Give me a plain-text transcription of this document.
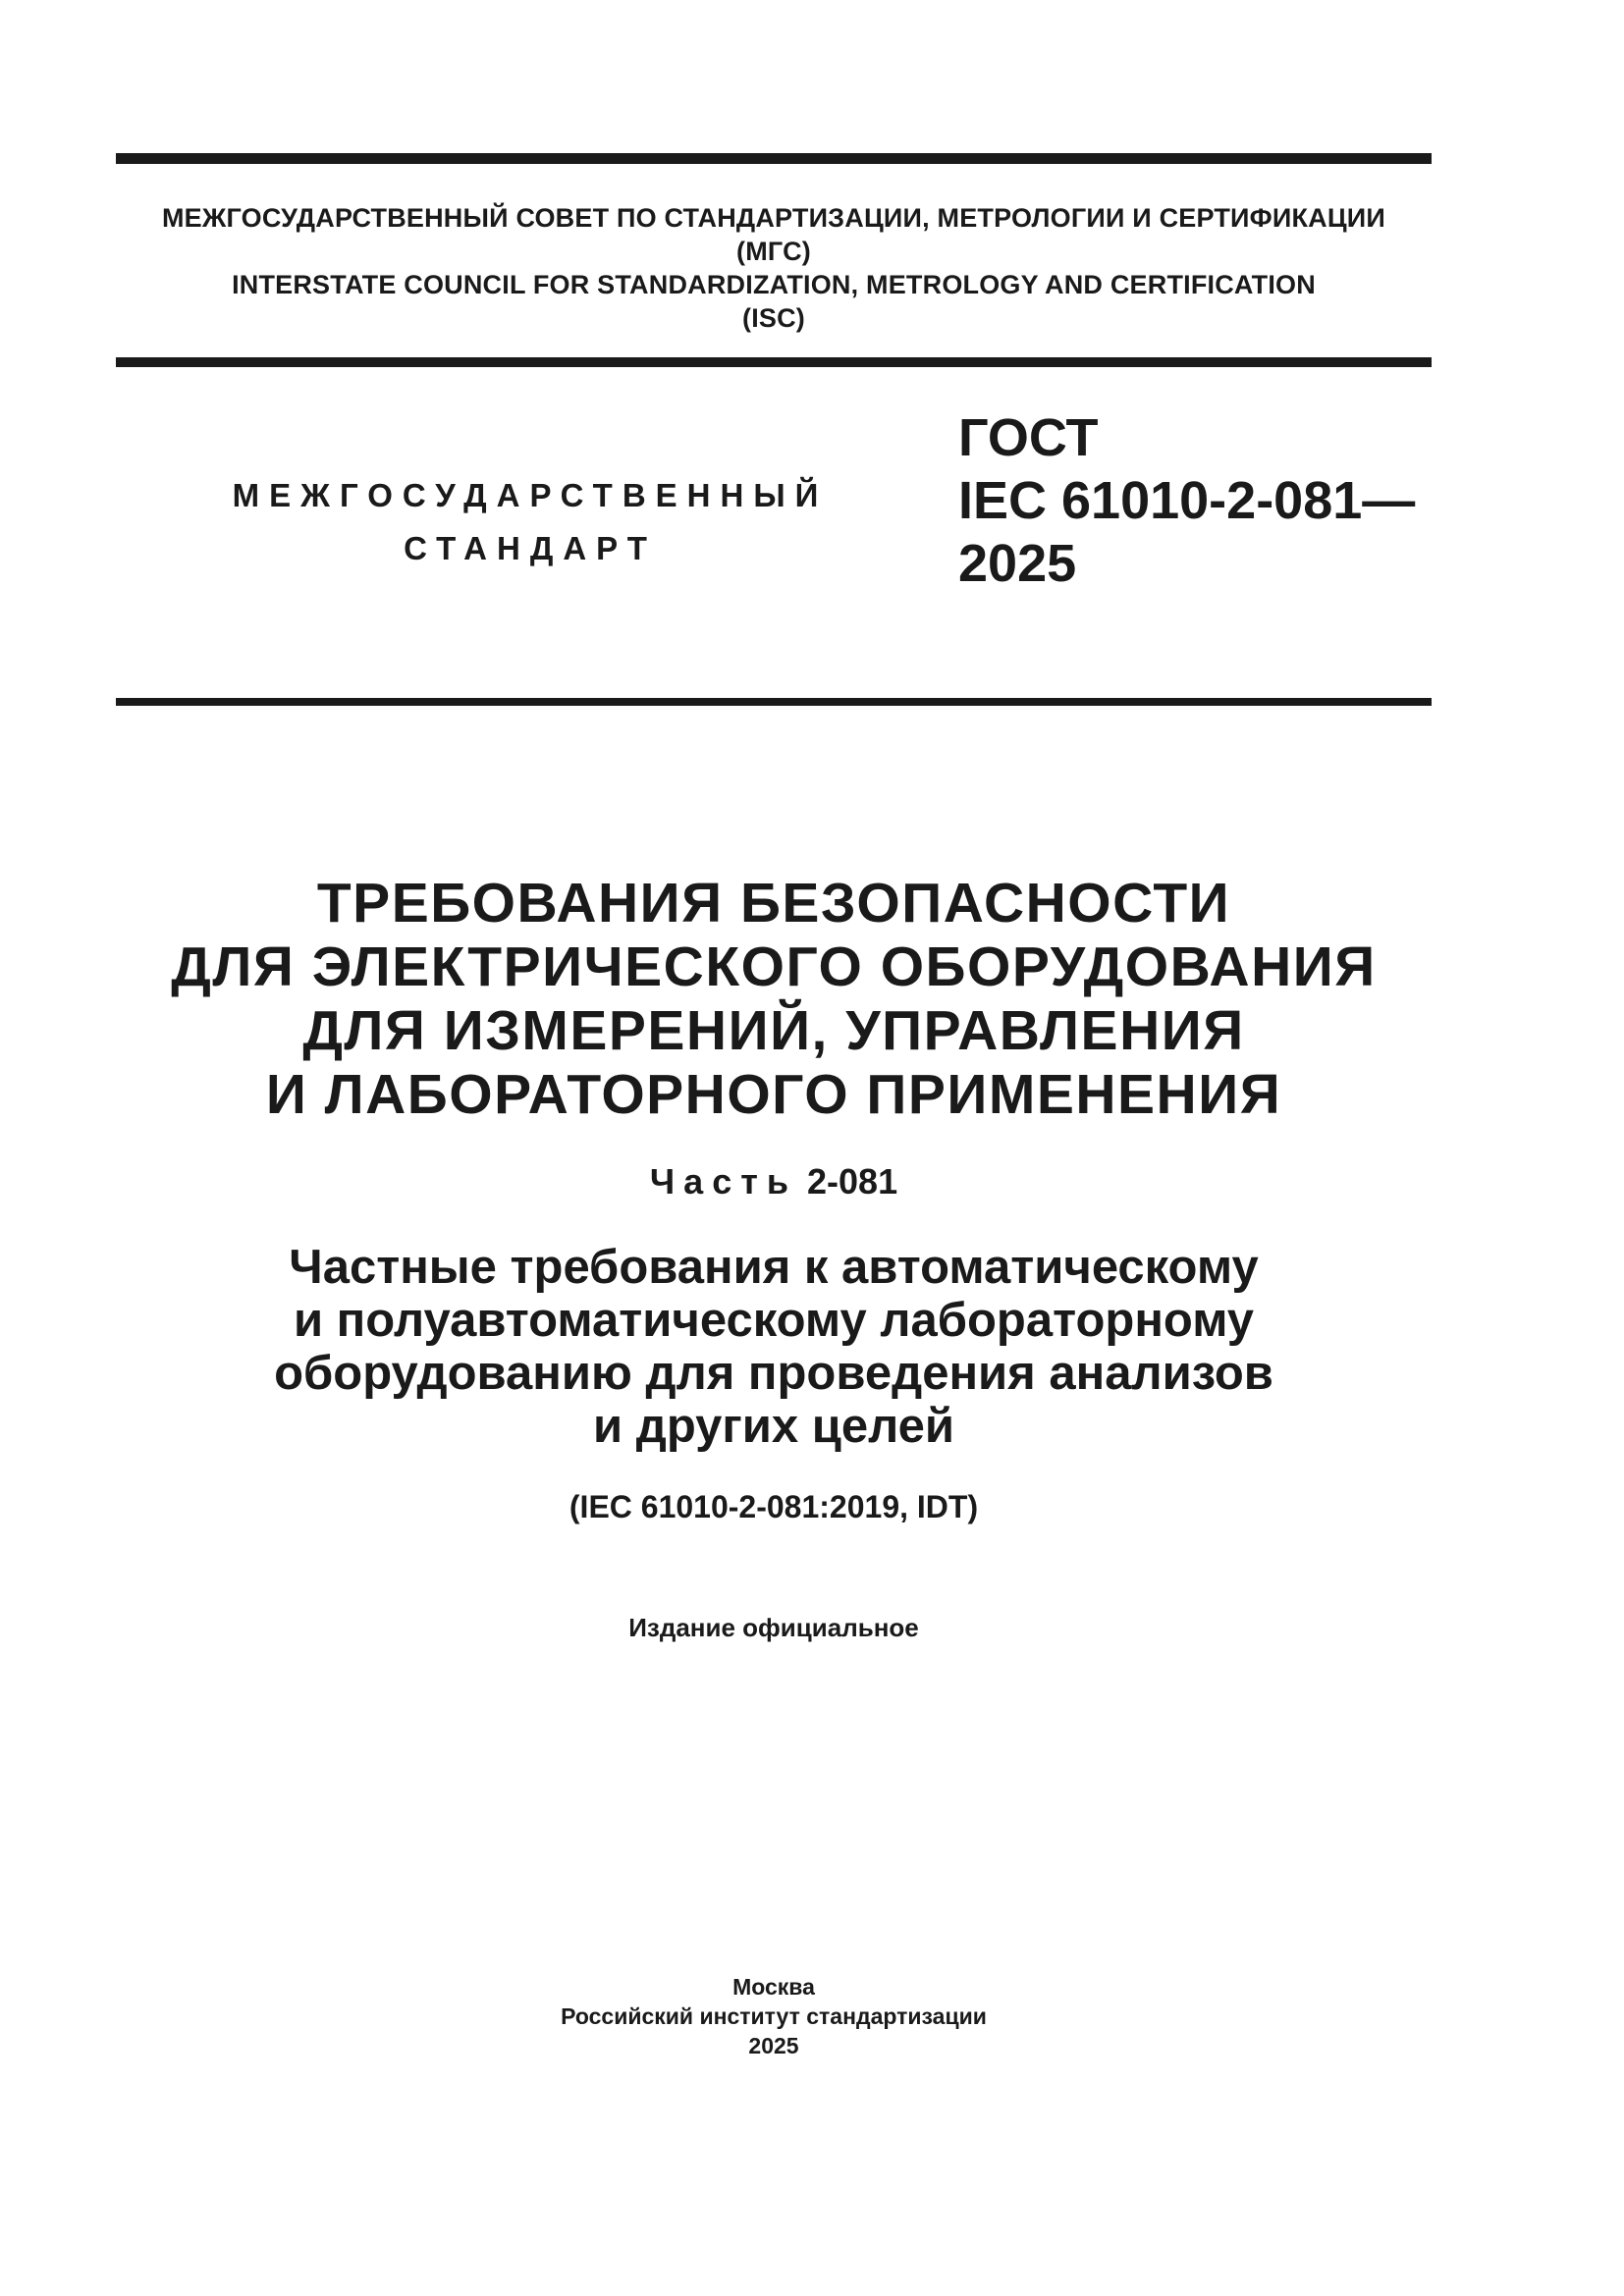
МЕЖГОСУДАРСТВЕННЫЙ СОВЕТ ПО СТАНДАРТИЗАЦИИ, МЕТРОЛОГИИ И СЕРТИФИКАЦИИ
(МГС)
INTERSTATE COUNCIL FOR STANDARDIZATION, METROLOGY AND CERTIFICATION
(ISC)
МЕЖГОСУДАРСТВЕННЫЙ
СТАНДАРТ
ГОСТ
IEC 61010-2-081—
2025
ТРЕБОВАНИЯ БЕЗОПАСНОСТИ
ДЛЯ ЭЛЕКТРИЧЕСКОГО ОБОРУДОВАНИЯ
ДЛЯ ИЗМЕРЕНИЙ, УПРАВЛЕНИЯ
И ЛАБОРАТОРНОГО ПРИМЕНЕНИЯ
Часть 2-081
Частные требования к автоматическому
и полуавтоматическому лабораторному
оборудованию для проведения анализов
и других целей
(IEC 61010-2-081:2019, IDT)
Издание официальное
Москва
Российский институт стандартизации
2025
